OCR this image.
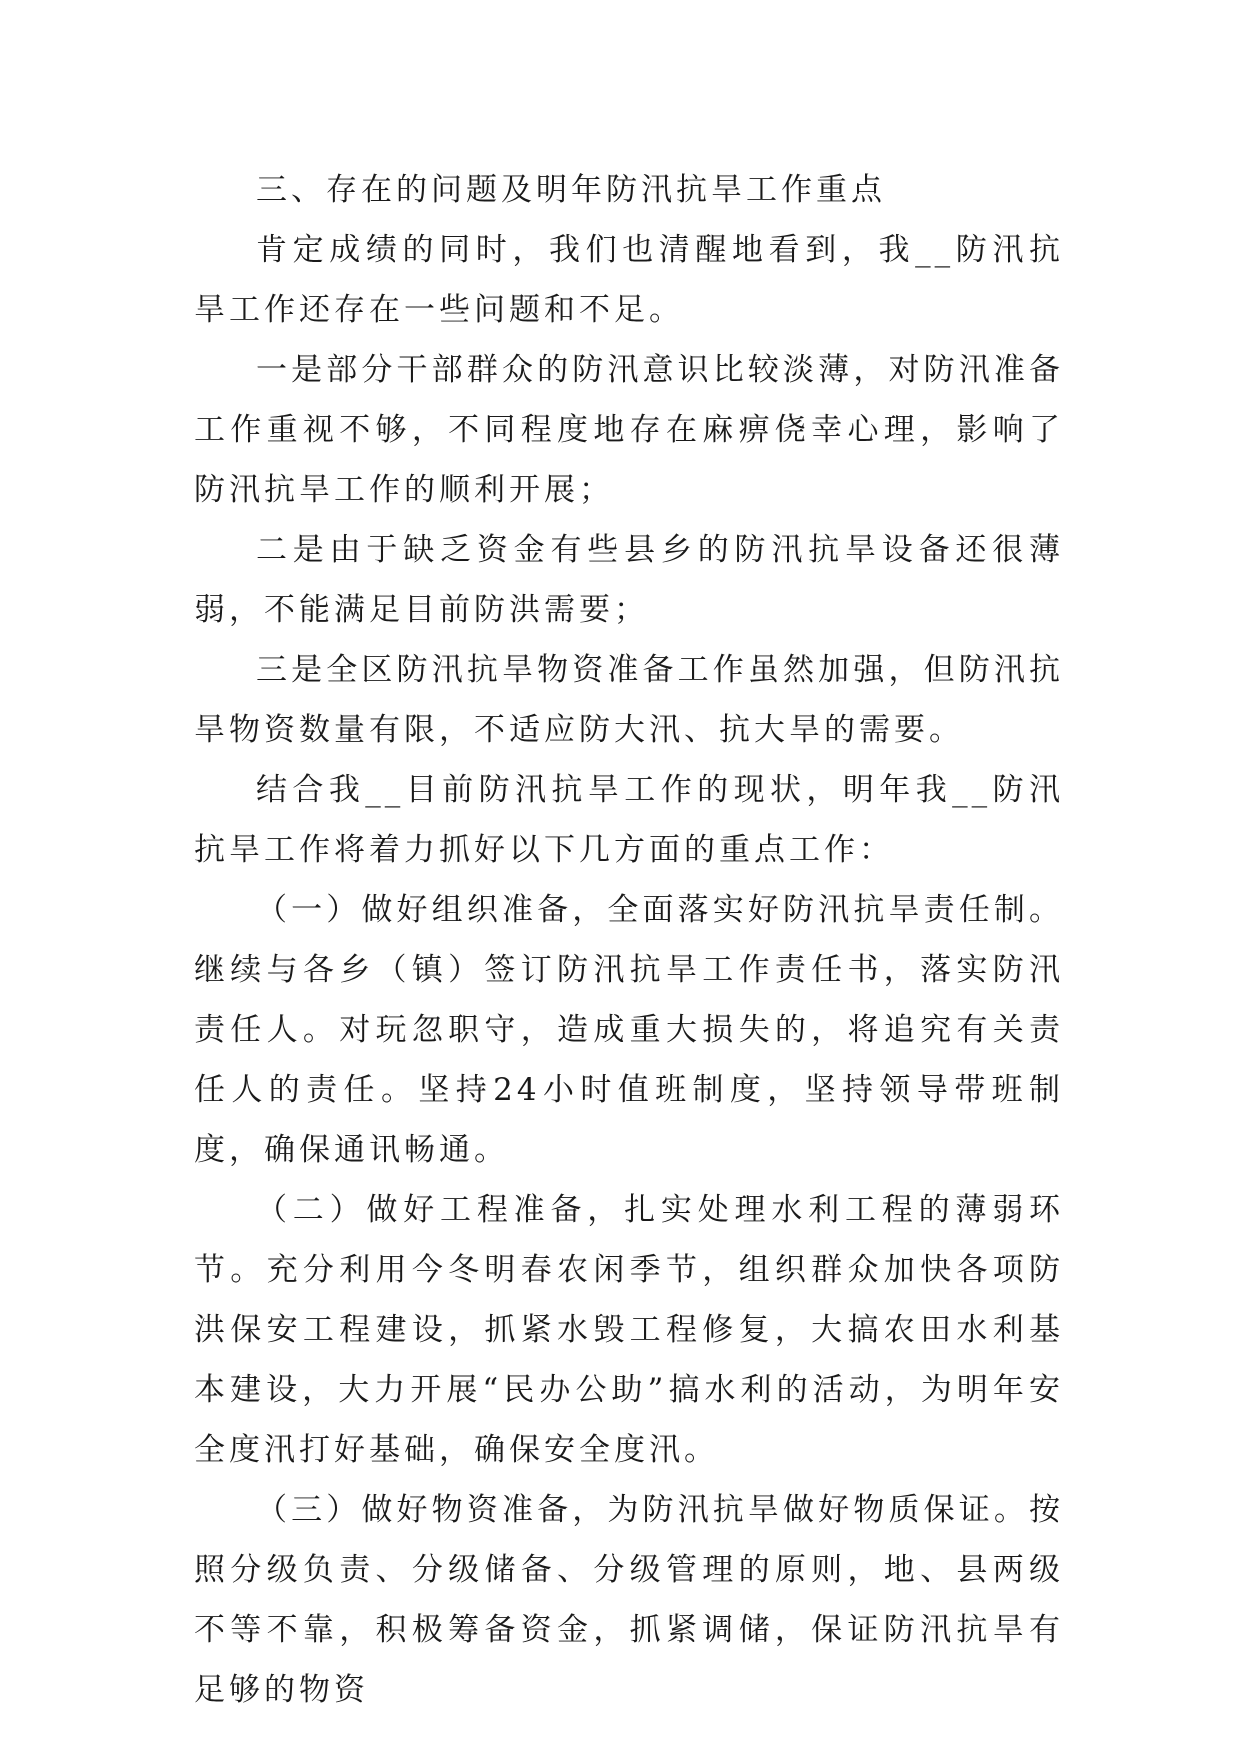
三、存在的问题及明年防汛抗旱工作重点

肯定成绩的同时，我们也清醒地看到，我__防汛抗旱工作还存在一些问题和不足。

一是部分干部群众的防汛意识比较淡薄，对防汛准备工作重视不够，不同程度地存在麻痹侥幸心理，影响了防汛抗旱工作的顺利开展；

二是由于缺乏资金有些县乡的防汛抗旱设备还很薄弱，不能满足目前防洪需要；

三是全区防汛抗旱物资准备工作虽然加强，但防汛抗旱物资数量有限，不适应防大汛、抗大旱的需要。

结合我__目前防汛抗旱工作的现状，明年我__防汛抗旱工作将着力抓好以下几方面的重点工作：

（一）做好组织准备，全面落实好防汛抗旱责任制。继续与各乡（镇）签订防汛抗旱工作责任书，落实防汛责任人。对玩忽职守，造成重大损失的，将追究有关责任人的责任。坚持24小时值班制度，坚持领导带班制度，确保通讯畅通。

（二）做好工程准备，扎实处理水利工程的薄弱环节。充分利用今冬明春农闲季节，组织群众加快各项防洪保安工程建设，抓紧水毁工程修复，大搞农田水利基本建设，大力开展“民办公助”搞水利的活动，为明年安全度汛打好基础，确保安全度汛。

（三）做好物资准备，为防汛抗旱做好物质保证。按照分级负责、分级储备、分级管理的原则，地、县两级不等不靠，积极筹备资金，抓紧调储，保证防汛抗旱有足够的物资
